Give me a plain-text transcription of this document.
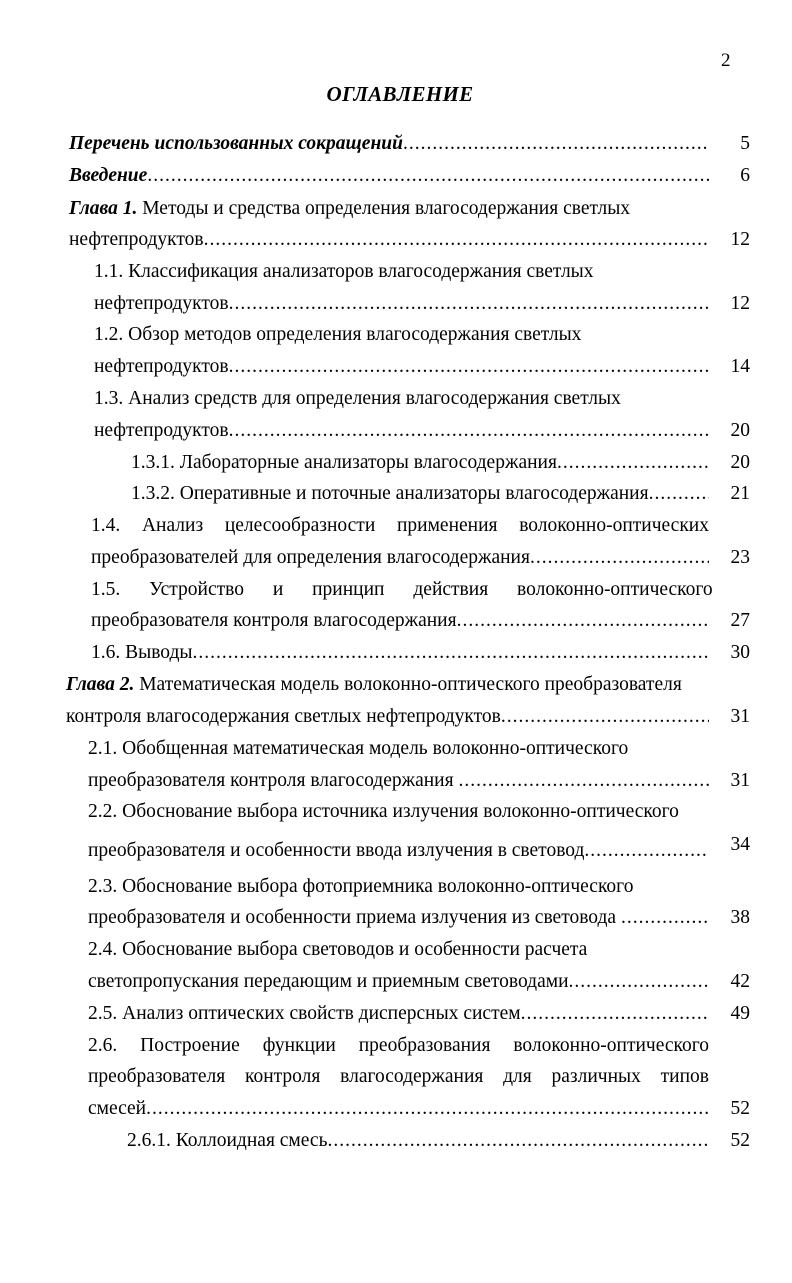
2
ОГЛАВЛЕНИЕ
Перечень использованных сокращений .....	5
Введение .....	6
Глава 1. Методы и средства определения влагосодержания светлых
нефтепродуктов .....	12
1.1. Классификация анализаторов влагосодержания светлых
нефтепродуктов .....	12
1.2. Обзор методов определения влагосодержания светлых
нефтепродуктов .....	14
1.3. Анализ средств для определения влагосодержания светлых
нефтепродуктов .....	20
1.3.1. Лабораторные анализаторы влагосодержания .....	20
1.3.2. Оперативные и поточные анализаторы влагосодержания .....	21
1.4. Анализ целесообразности применения волоконно-оптических
преобразователей для определения влагосодержания .....	23
1.5. Устройство и принцип действия волоконно-оптического
преобразователя контроля влагосодержания .....	27
1.6. Выводы .....	30
Глава 2. Математическая модель волоконно-оптического преобразователя
контроля влагосодержания светлых нефтепродуктов .....	31
2.1. Обобщенная математическая модель волоконно-оптического
преобразователя контроля влагосодержания .....	31
2.2. Обоснование выбора источника излучения волоконно-оптического
преобразователя и особенности ввода излучения в световод .....	34
2.3. Обоснование выбора фотоприемника волоконно-оптического
преобразователя и особенности приема излучения из световода .....	38
2.4. Обоснование выбора световодов и особенности расчета
светопропускания передающим и приемным световодами .....	42
2.5. Анализ оптических свойств дисперсных систем .....	49
2.6. Построение функции преобразования волоконно-оптического
преобразователя контроля влагосодержания для различных типов
смесей .....	52
2.6.1. Коллоидная смесь .....	52
